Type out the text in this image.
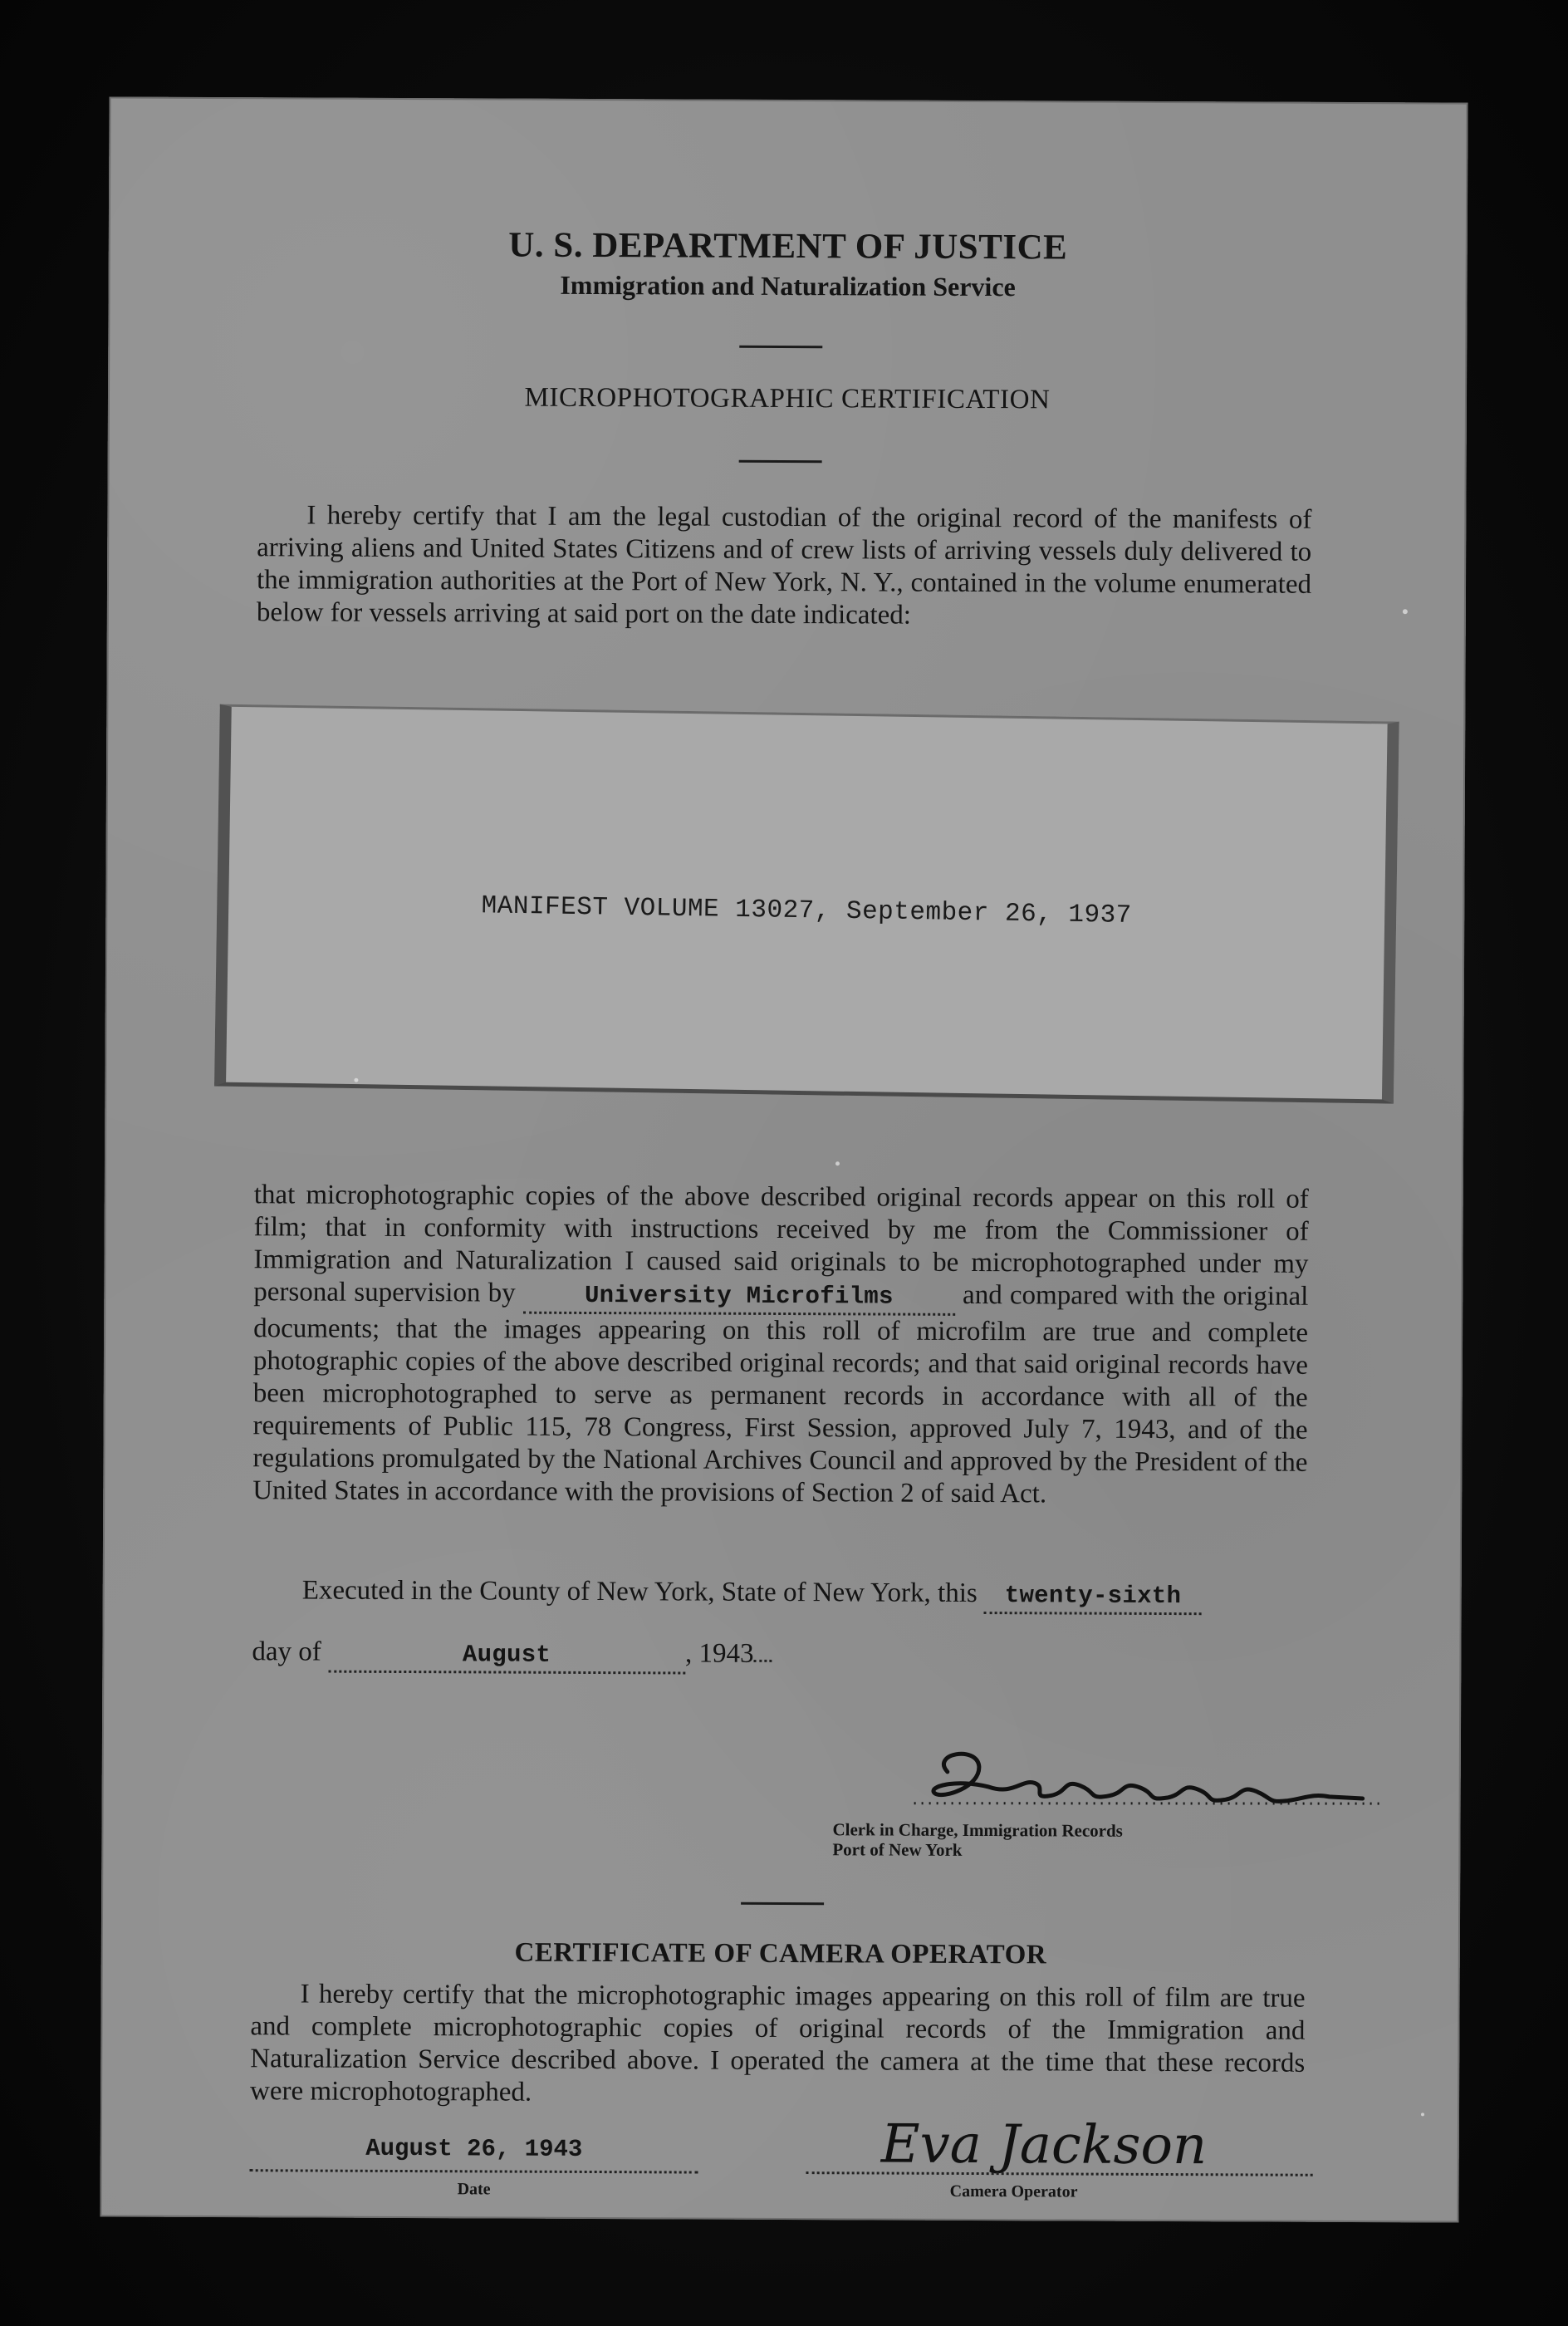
U. S. DEPARTMENT OF JUSTICE
Immigration and Naturalization Service
MICROPHOTOGRAPHIC CERTIFICATION
I hereby certify that I am the legal custodian of the original record of the manifests of arriving aliens and United States Citizens and of crew lists of arriving vessels duly delivered to the immigration authorities at the Port of New York, N. Y., contained in the volume enumerated below for vessels arriving at said port on the date indicated:
MANIFEST VOLUME 13027, September 26, 1937
that microphotographic copies of the above described original records appear on this roll of film; that in conformity with instructions received by me from the Commissioner of Immigration and Naturalization I caused said originals to be microphotographed under my personal supervision by	University Microfilms	and compared with the original documents; that the images appearing on this roll of microfilm are true and complete photographic copies of the above described original records; and that said original records have been microphotographed to serve as permanent records in accordance with all of the requirements of Public 115, 78 Congress, First Session, approved July 7, 1943, and of the regulations promulgated by the National Archives Council and approved by the President of the United States in accordance with the provisions of Section 2 of said Act.
Executed in the County of New York, State of New York, this twenty-sixth
day of	August	, 1943
Clerk in Charge, Immigration Records
Port of New York
CERTIFICATE OF CAMERA OPERATOR
I hereby certify that the microphotographic images appearing on this roll of film are true and complete microphotographic copies of original records of the Immigration and Naturalization Service described above. I operated the camera at the time that these records were microphotographed.
August 26, 1943
Date
Eva Jackson
Camera Operator
